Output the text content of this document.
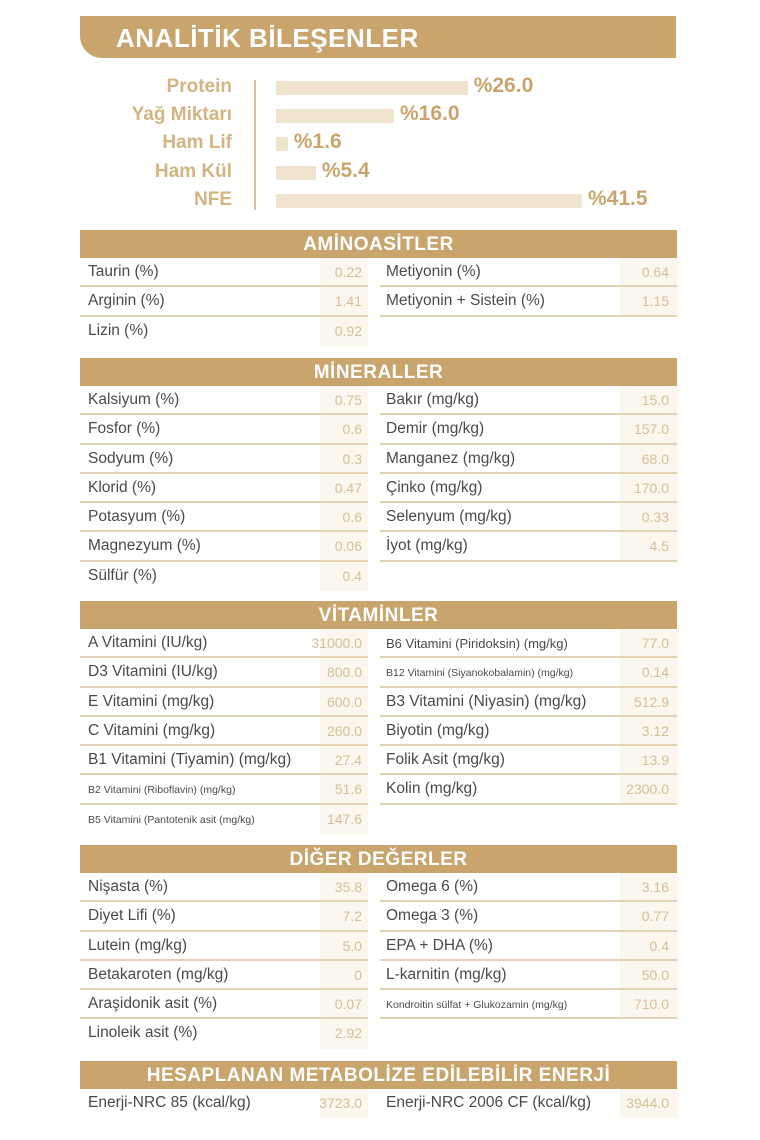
ANALİTİK BİLEŞENLER
Protein	%26.0
Yağ Miktarı	%16.0
Ham Lif	%1.6
Ham Kül	%5.4
NFE	%41.5
AMİNOASİTLER
Taurin (%)	0.22
Arginin (%)	1.41
Lizin (%)	0.92
Metiyonin (%)	0.64
Metiyonin + Sistein (%)	1.15
MİNERALLER
Kalsiyum (%)	0.75
Fosfor (%)	0.6
Sodyum (%)	0.3
Klorid (%)	0.47
Potasyum (%)	0.6
Magnezyum (%)	0.06
Sülfür (%)	0.4
Bakır (mg/kg)	15.0
Demir (mg/kg)	157.0
Manganez (mg/kg)	68.0
Çinko (mg/kg)	170.0
Selenyum (mg/kg)	0.33
İyot (mg/kg)	4.5
VİTAMİNLER
A Vitamini (IU/kg)	31000.0
D3 Vitamini (IU/kg)	800.0
E Vitamini (mg/kg)	600.0
C Vitamini (mg/kg)	260.0
B1 Vitamini (Tiyamin) (mg/kg)	27.4
B2 Vitamini (Riboflavin) (mg/kg)	51.6
B5 Vitamini (Pantotenik asit (mg/kg)	147.6
B6 Vitamini (Piridoksin) (mg/kg)	77.0
B12 Vitamini (Siyanokobalamin) (mg/kg)	0.14
B3 Vitamini (Niyasin) (mg/kg)	512.9
Biyotin (mg/kg)	3.12
Folik Asit (mg/kg)	13.9
Kolin (mg/kg)	2300.0
DİĞER DEĞERLER
Nişasta (%)	35.8
Diyet Lifi (%)	7.2
Lutein (mg/kg)	5.0
Betakaroten (mg/kg)	0
Araşidonik asit (%)	0.07
Linoleik asit (%)	2.92
Omega 6 (%)	3.16
Omega 3 (%)	0.77
EPA + DHA (%)	0.4
L-karnitin (mg/kg)	50.0
Kondroitin sülfat + Glukozamin (mg/kg)	710.0
HESAPLANAN METABOLİZE EDİLEBİLİR ENERJİ
Enerji-NRC 85 (kcal/kg)	3723.0 Enerji-NRC 2006 CF (kcal/kg)	3944.0
